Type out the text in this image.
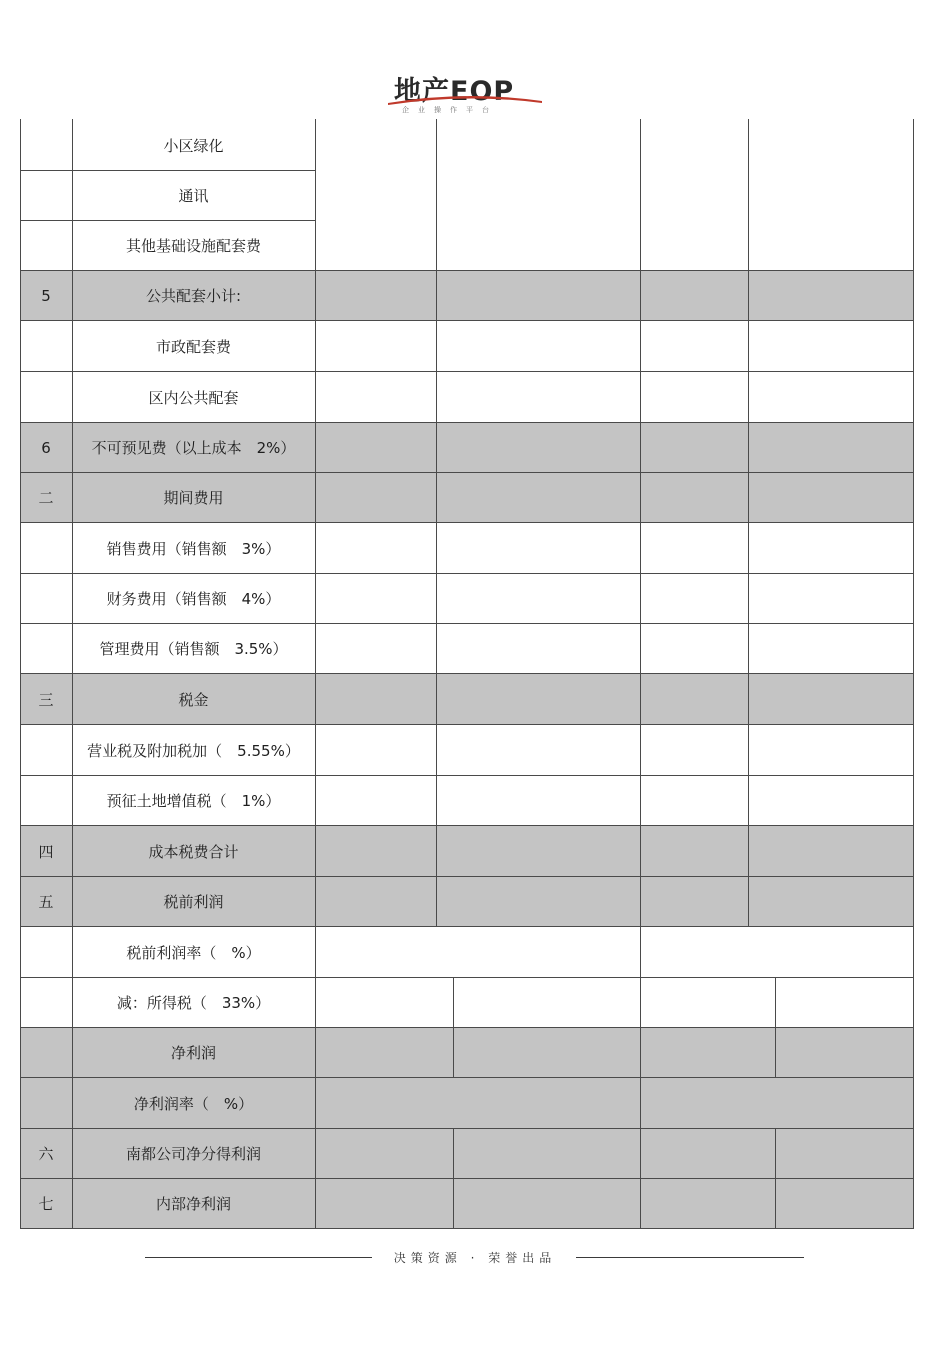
地产EOP
企业操作平台
小区绿化
通讯
其他基础设施配套费
5	公共配套小计:
市政配套费
区内公共配套
6	不可预见费（以上成本　2%）
二	期间费用
销售费用（销售额　3%）
财务费用（销售额　4%）
管理费用（销售额　3.5%）
三	税金
营业税及附加税加（　5.55%）
预征土地增值税（　1%）
四	成本税费合计
五	税前利润
税前利润率（　%）
减：所得税（　33%）
净利润
净利润率（　%）
六	南都公司净分得利润
七	内部净利润
决策资源 · 荣誉出品
